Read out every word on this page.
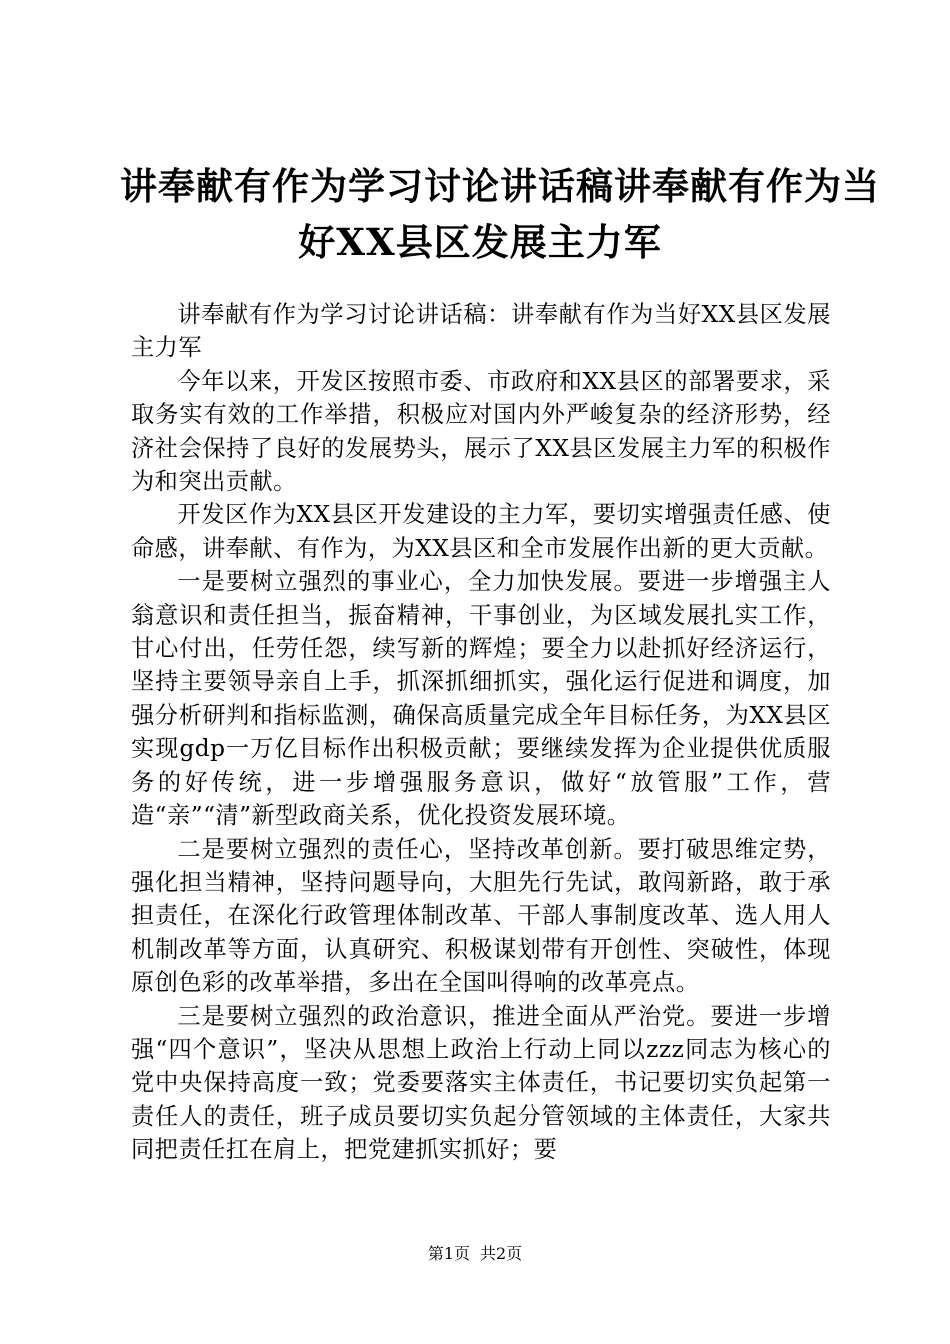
讲奉献有作为学习讨论讲话稿讲奉献有作为当
好XX县区发展主力军

讲奉献有作为学习讨论讲话稿：讲奉献有作为当好XX县区发展主力军

今年以来，开发区按照市委、市政府和XX县区的部署要求，采取务实有效的工作举措，积极应对国内外严峻复杂的经济形势，经济社会保持了良好的发展势头，展示了XX县区发展主力军的积极作为和突出贡献。

开发区作为XX县区开发建设的主力军，要切实增强责任感、使命感，讲奉献、有作为，为XX县区和全市发展作出新的更大贡献。

一是要树立强烈的事业心，全力加快发展。要进一步增强主人翁意识和责任担当，振奋精神，干事创业，为区域发展扎实工作，甘心付出，任劳任怨，续写新的辉煌；要全力以赴抓好经济运行，坚持主要领导亲自上手，抓深抓细抓实，强化运行促进和调度，加强分析研判和指标监测，确保高质量完成全年目标任务，为XX县区实现gdp一万亿目标作出积极贡献；要继续发挥为企业提供优质服务的好传统，进一步增强服务意识，做好“放管服”工作，营造“亲”“清”新型政商关系，优化投资发展环境。

二是要树立强烈的责任心，坚持改革创新。要打破思维定势，强化担当精神，坚持问题导向，大胆先行先试，敢闯新路，敢于承担责任，在深化行政管理体制改革、干部人事制度改革、选人用人机制改革等方面，认真研究、积极谋划带有开创性、突破性，体现原创色彩的改革举措，多出在全国叫得响的改革亮点。

三是要树立强烈的政治意识，推进全面从严治党。要进一步增强“四个意识”，坚决从思想上政治上行动上同以zzz同志为核心的党中央保持高度一致；党委要落实主体责任，书记要切实负起第一责任人的责任，班子成员要切实负起分管领域的主体责任，大家共同把责任扛在肩上，把党建抓实抓好；要

第1页 共2页
